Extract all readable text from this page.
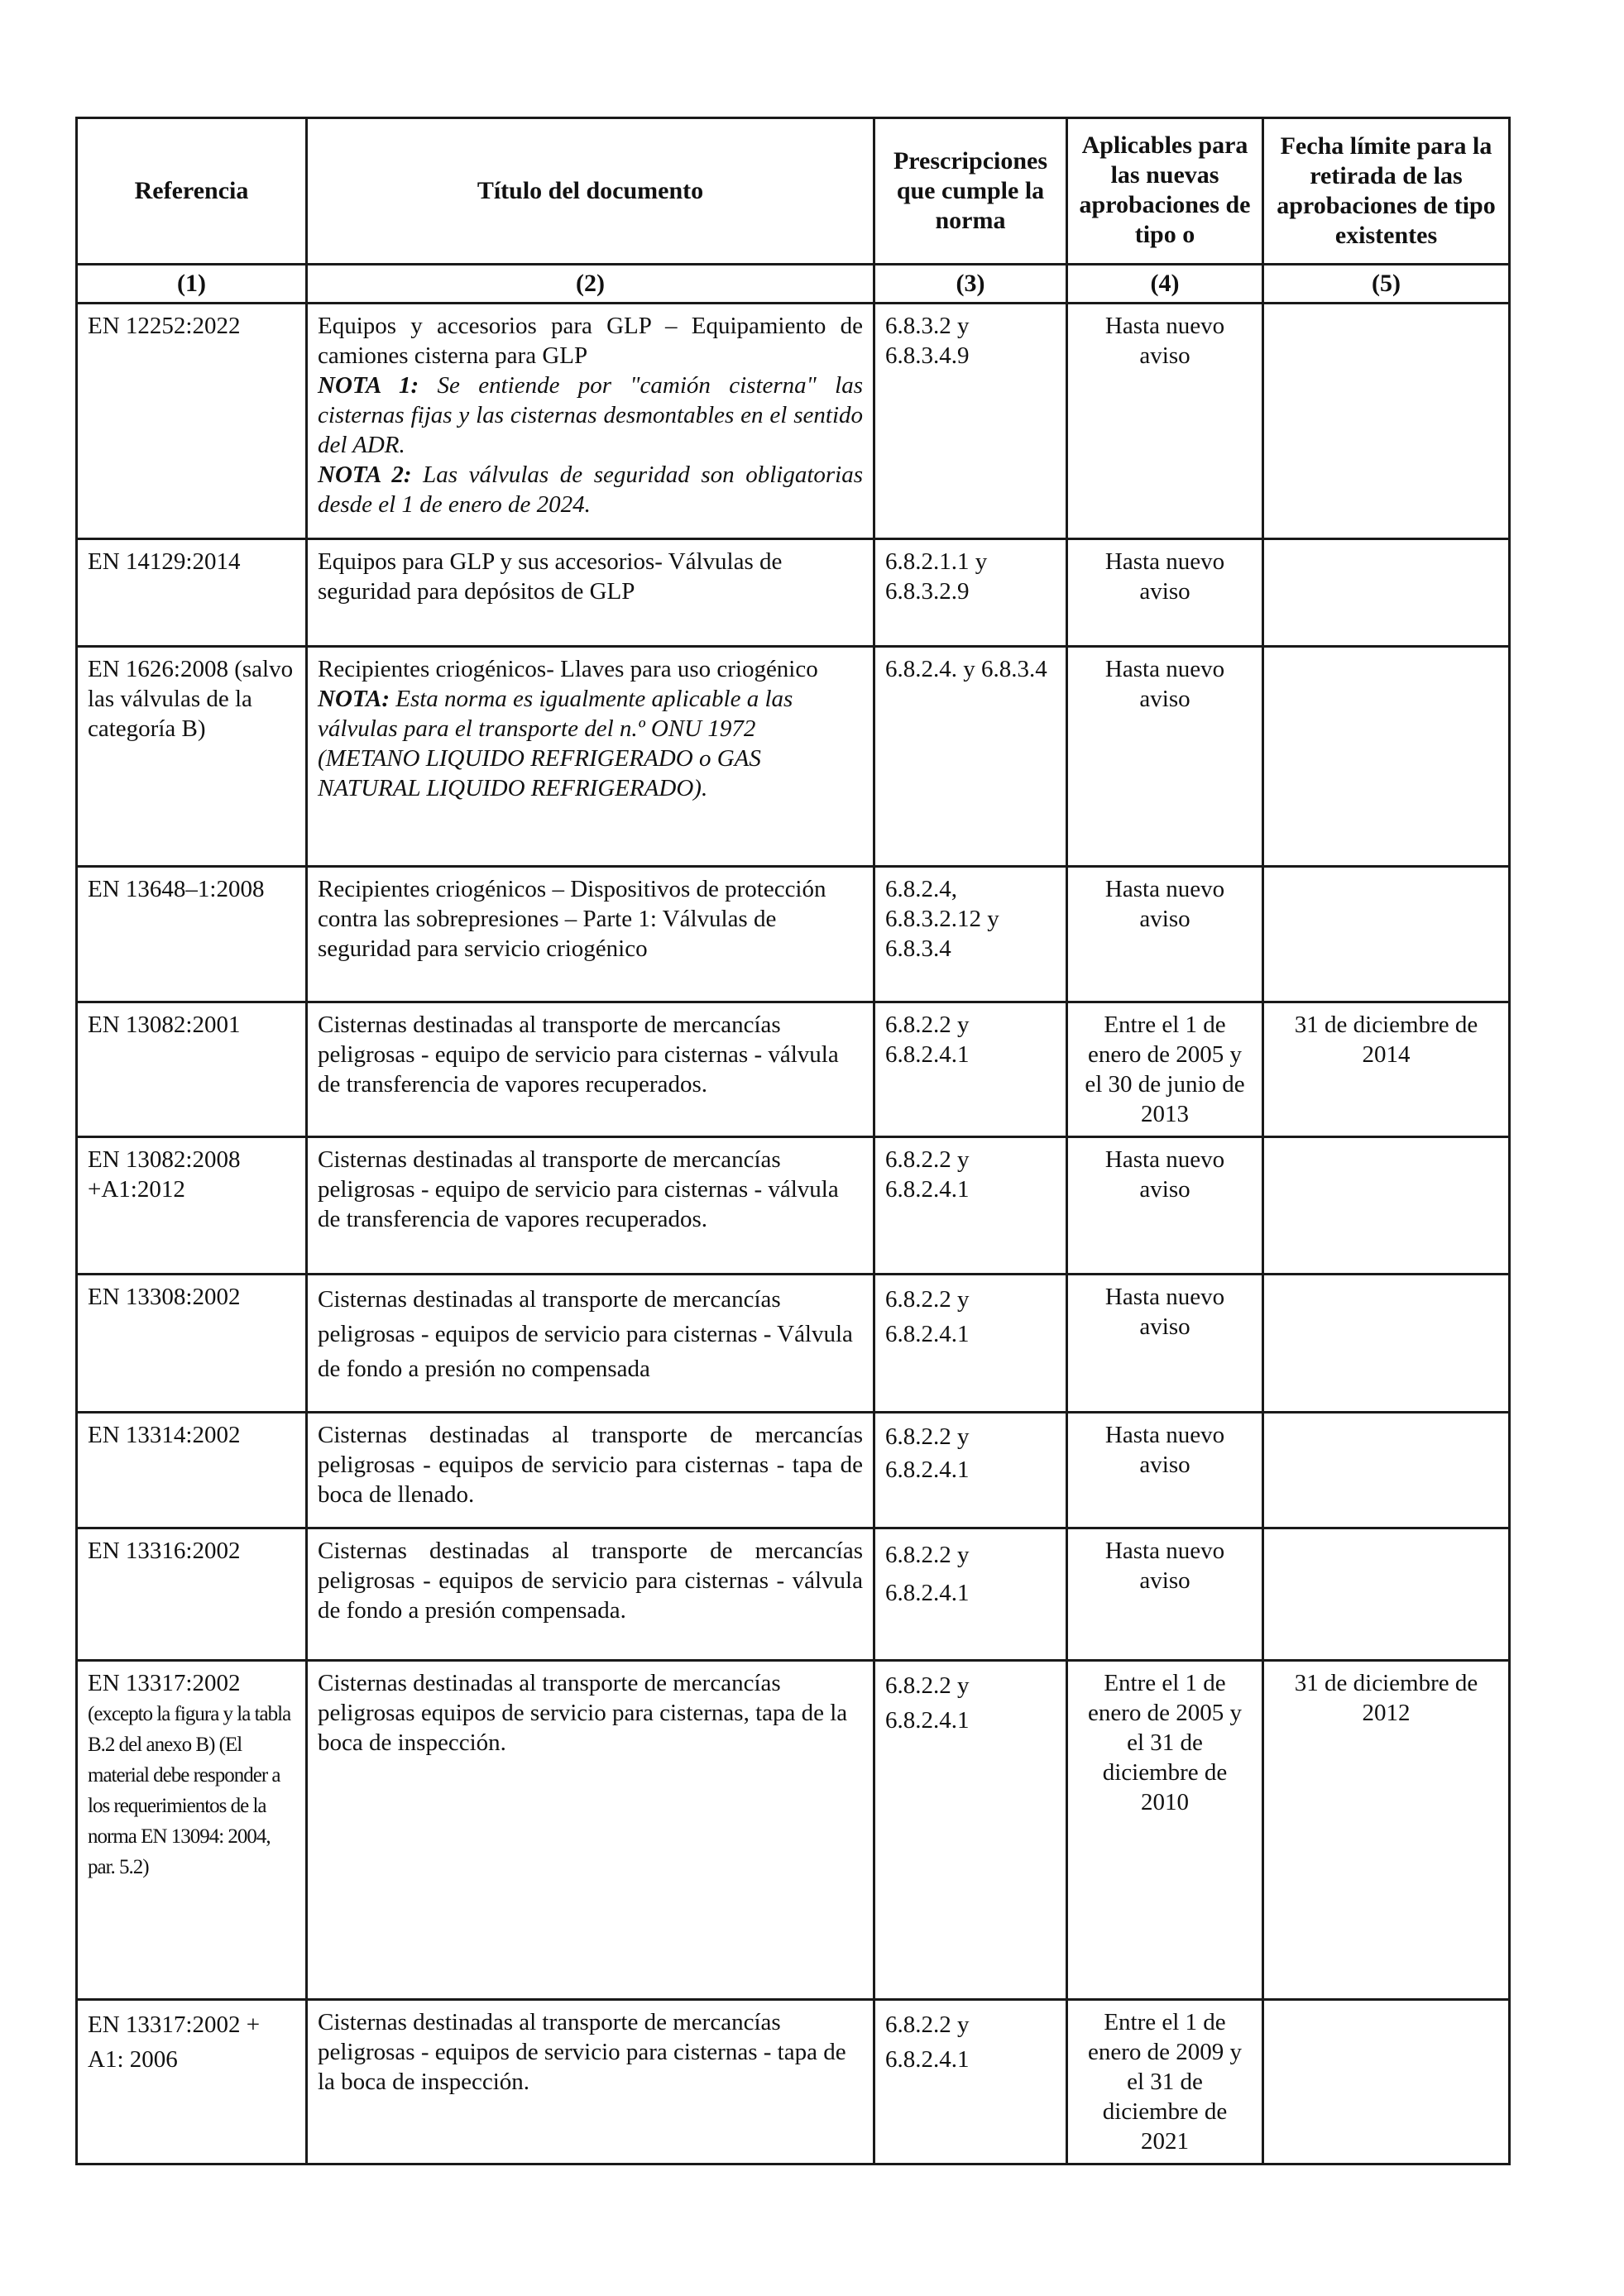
Referencia	Título del documento	Prescripciones que cumple la norma	Aplicables para las nuevas aprobaciones de tipo o	Fecha límite para la retirada de las aprobaciones de tipo existentes
(1)	(2)	(3)	(4)	(5)
EN 12252:2022	Equipos y accesorios para GLP – Equipamiento de camiones cisterna para GLP
NOTA 1: Se entiende por "camión cisterna" las cisternas fijas y las cisternas desmontables en el sentido del ADR.
NOTA 2: Las válvulas de seguridad son obligatorias desde el 1 de enero de 2024.	6.8.3.2 y 6.8.3.4.9	Hasta nuevo aviso	
EN 14129:2014	Equipos para GLP y sus accesorios- Válvulas de seguridad para depósitos de GLP	6.8.2.1.1 y 6.8.3.2.9	Hasta nuevo aviso	
EN 1626:2008 (salvo las válvulas de la categoría B)	Recipientes criogénicos- Llaves para uso criogénico
NOTA: Esta norma es igualmente aplicable a las válvulas para el transporte del n.º ONU 1972 (METANO LIQUIDO REFRIGERADO o GAS NATURAL LIQUIDO REFRIGERADO).	6.8.2.4. y 6.8.3.4	Hasta nuevo aviso	
EN 13648–1:2008	Recipientes criogénicos – Dispositivos de protección contra las sobrepresiones – Parte 1: Válvulas de seguridad para servicio criogénico	6.8.2.4, 6.8.3.2.12 y 6.8.3.4	Hasta nuevo aviso	
EN 13082:2001	Cisternas destinadas al transporte de mercancías peligrosas - equipo de servicio para cisternas - válvula de transferencia de vapores recuperados.	6.8.2.2 y 6.8.2.4.1	Entre el 1 de enero de 2005 y el 30 de junio de 2013	31 de diciembre de 2014
EN 13082:2008 +A1:2012	Cisternas destinadas al transporte de mercancías peligrosas - equipo de servicio para cisternas - válvula de transferencia de vapores recuperados.	6.8.2.2 y 6.8.2.4.1	Hasta nuevo aviso	
EN 13308:2002	Cisternas destinadas al transporte de mercancías peligrosas - equipos de servicio para cisternas - Válvula de fondo a presión no compensada	6.8.2.2 y 6.8.2.4.1	Hasta nuevo aviso	
EN 13314:2002	Cisternas destinadas al transporte de mercancías peligrosas - equipos de servicio para cisternas - tapa de boca de llenado.	6.8.2.2 y 6.8.2.4.1	Hasta nuevo aviso	
EN 13316:2002	Cisternas destinadas al transporte de mercancías peligrosas - equipos de servicio para cisternas - válvula de fondo a presión compensada.	6.8.2.2 y 6.8.2.4.1	Hasta nuevo aviso	
EN 13317:2002
(excepto la figura y la tabla B.2 del anexo B) (El material debe responder a los requerimientos de la norma EN 13094: 2004, par. 5.2)	Cisternas destinadas al transporte de mercancías peligrosas equipos de servicio para cisternas, tapa de la boca de inspección.	6.8.2.2 y 6.8.2.4.1	Entre el 1 de enero de 2005 y el 31 de diciembre de 2010	31 de diciembre de 2012
EN 13317:2002 + A1: 2006	Cisternas destinadas al transporte de mercancías peligrosas - equipos de servicio para cisternas - tapa de la boca de inspección.	6.8.2.2 y 6.8.2.4.1	Entre el 1 de enero de 2009 y el 31 de diciembre de 2021	
